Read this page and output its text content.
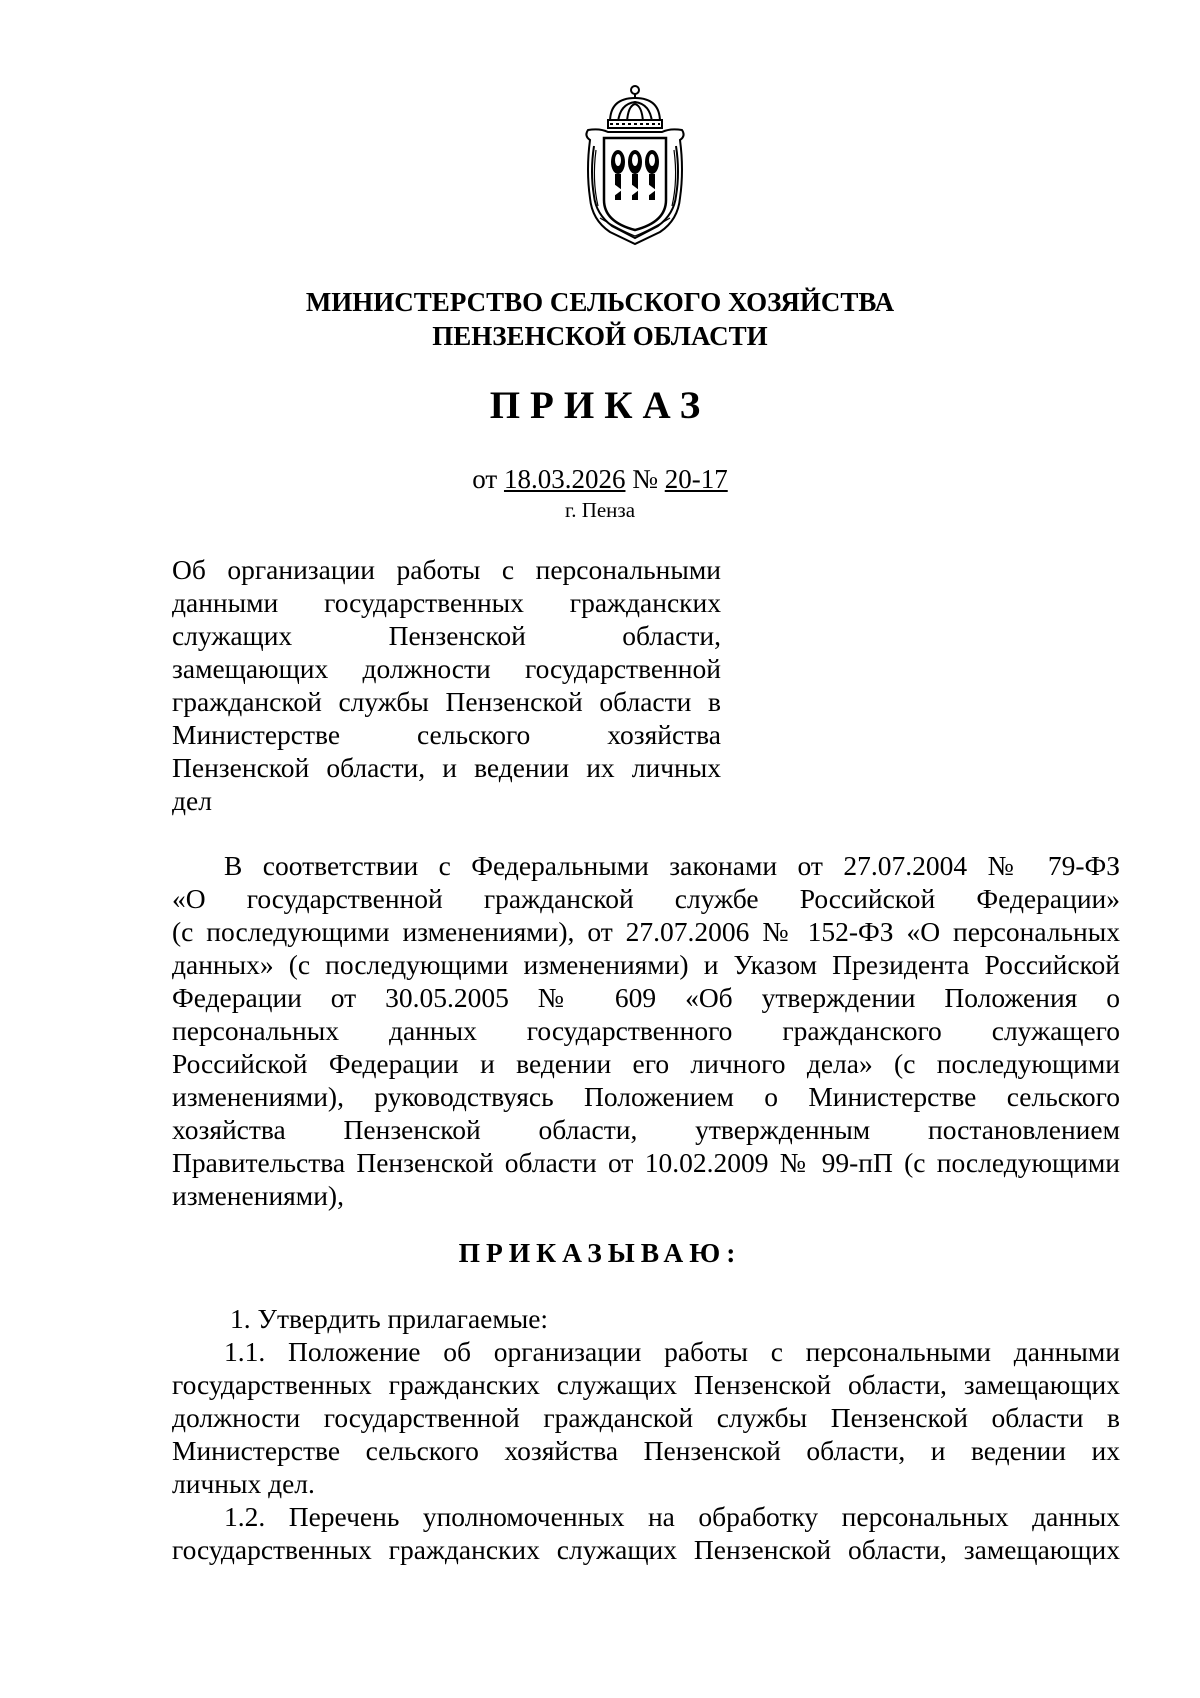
МИНИСТЕРСТВО СЕЛЬСКОГО ХОЗЯЙСТВА
ПЕНЗЕНСКОЙ ОБЛАСТИ
ПРИКАЗ
от 18.03.2026 № 20-17
г. Пенза
Об организации работы с персональными
данными государственных гражданских
служащих Пензенской области,
замещающих должности государственной
гражданской службы Пензенской области в
Министерстве сельского хозяйства
Пензенской области, и ведении их личных
дел
В соответствии с Федеральными законами от 27.07.2004 № 79-ФЗ
«О государственной гражданской службе Российской Федерации»
(с последующими изменениями), от 27.07.2006 № 152-ФЗ «О персональных
данных» (с последующими изменениями) и Указом Президента Российской
Федерации от 30.05.2005 № 609 «Об утверждении Положения о
персональных данных государственного гражданского служащего
Российской Федерации и ведении его личного дела» (с последующими
изменениями), руководствуясь Положением о Министерстве сельского
хозяйства Пензенской области, утвержденным постановлением
Правительства Пензенской области от 10.02.2009 № 99-пП (с последующими
изменениями),
ПРИКАЗЫВАЮ:
1. Утвердить прилагаемые:
1.1. Положение об организации работы с персональными данными
государственных гражданских служащих Пензенской области, замещающих
должности государственной гражданской службы Пензенской области в
Министерстве сельского хозяйства Пензенской области, и ведении их
личных дел.
1.2. Перечень уполномоченных на обработку персональных данных
государственных гражданских служащих Пензенской области, замещающих
